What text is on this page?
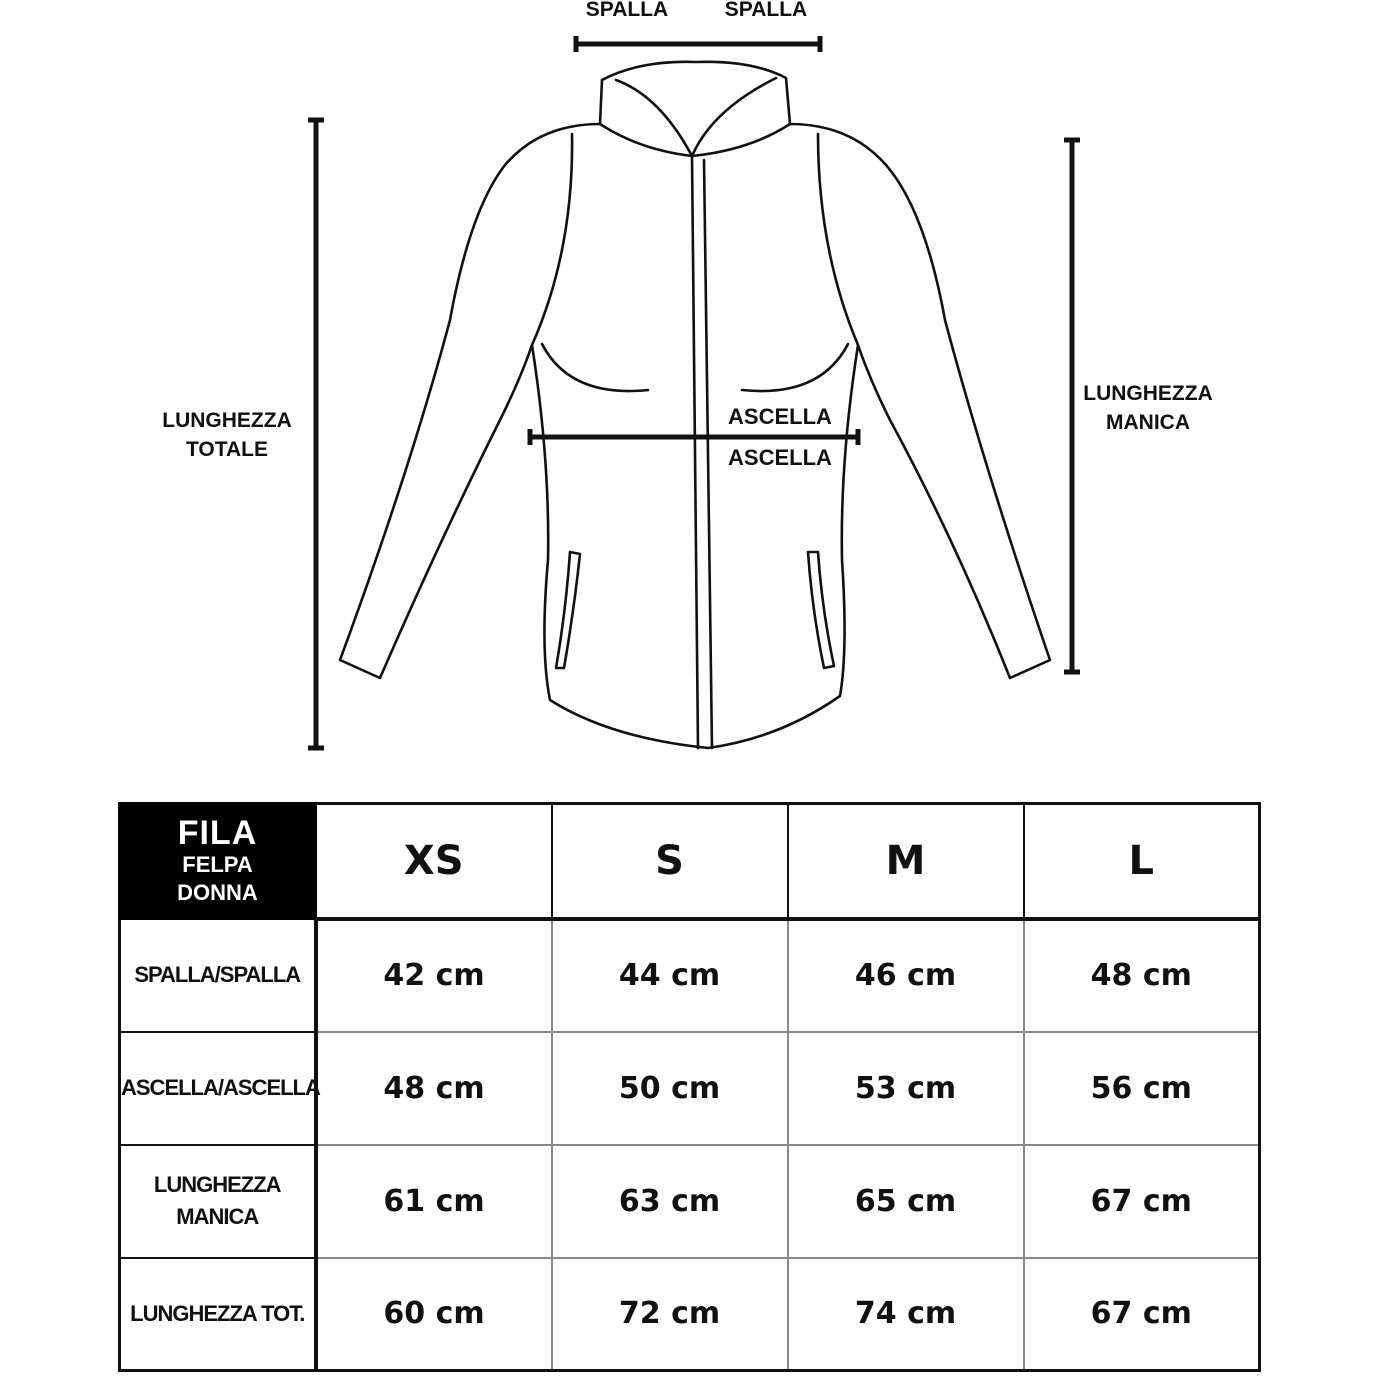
SPALLA	SPALLA
LUNGHEZZA
TOTALE
LUNGHEZZA
MANICA
ASCELLA
ASCELLA
FILA
FELPA
DONNA	XS	S	M	L
SPALLA/SPALLA	42 cm	44 cm	46 cm	48 cm
ASCELLA/ASCELLA	48 cm	50 cm	53 cm	56 cm

LUNGHEZZA
MANICA	61 cm	63 cm	65 cm	67 cm
LUNGHEZZA TOT.	60 cm	72 cm	74 cm	67 cm
